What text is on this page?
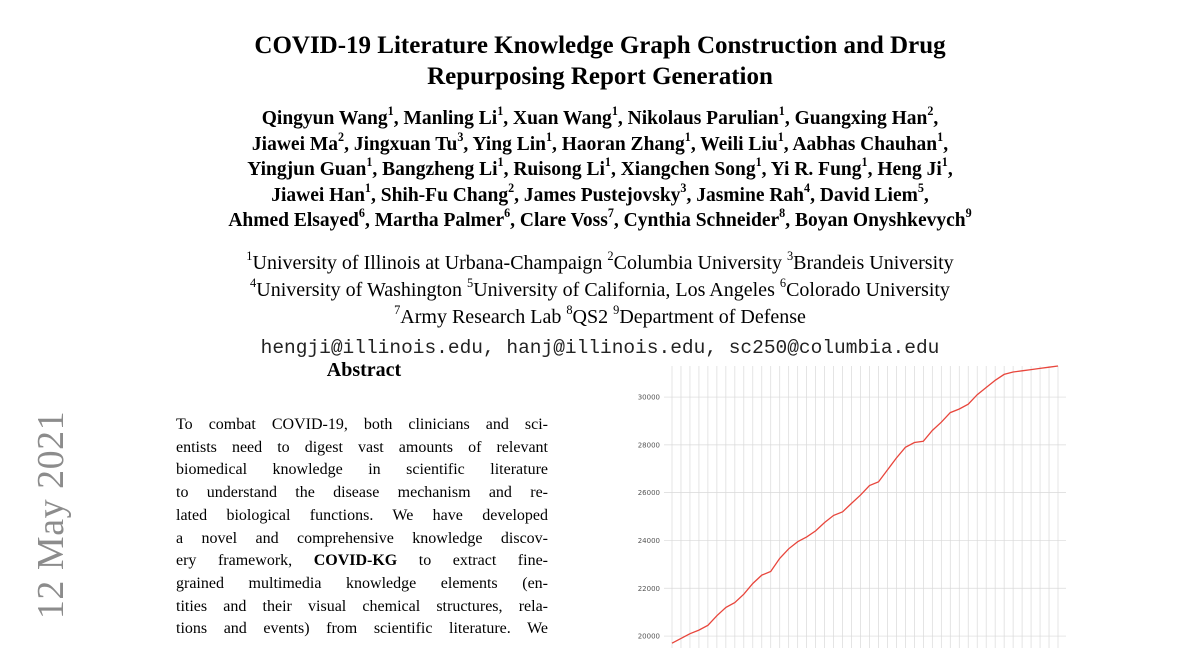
COVID-19 Literature Knowledge Graph Construction and Drug
Repurposing Report Generation
Qingyun Wang$^1$, Manling Li$^1$, Xuan Wang$^1$, Nikolaus Parulian$^1$, Guangxing Han$^2$,
Jiawei Ma$^2$, Jingxuan Tu$^3$, Ying Lin$^1$, Haoran Zhang$^1$, Weili Liu$^1$, Aabhas Chauhan$^1$,
Yingjun Guan$^1$, Bangzheng Li$^1$, Ruisong Li$^1$, Xiangchen Song$^1$, Yi R. Fung$^1$, Heng Ji$^1$,
Jiawei Han$^1$, Shih-Fu Chang$^2$, James Pustejovsky$^3$, Jasmine Rah$^4$, David Liem$^5$,
Ahmed Elsayed$^6$, Martha Palmer$^6$, Clare Voss$^7$, Cynthia Schneider$^8$, Boyan Onyshkevych$^9$
$^1$University of Illinois at Urbana-Champaign $^2$Columbia University $^3$Brandeis University
$^4$University of Washington $^5$University of California, Los Angeles $^6$Colorado University
$^7$Army Research Lab $^8$QS2 $^9$Department of Defense
hengji@illinois.edu, hanj@illinois.edu, sc250@columbia.edu
12 May 2021
Abstract
To combat COVID-19, both clinicians and sci-
entists need to digest vast amounts of relevant
biomedical knowledge in scientific literature
to understand the disease mechanism and re-
lated biological functions. We have developed
a novel and comprehensive knowledge discov-
ery framework, COVID-KG to extract fine-
grained multimedia knowledge elements (en-
tities and their visual chemical structures, rela-
tions and events) from scientific literature. We	20000
22000
24000
26000
28000
30000
